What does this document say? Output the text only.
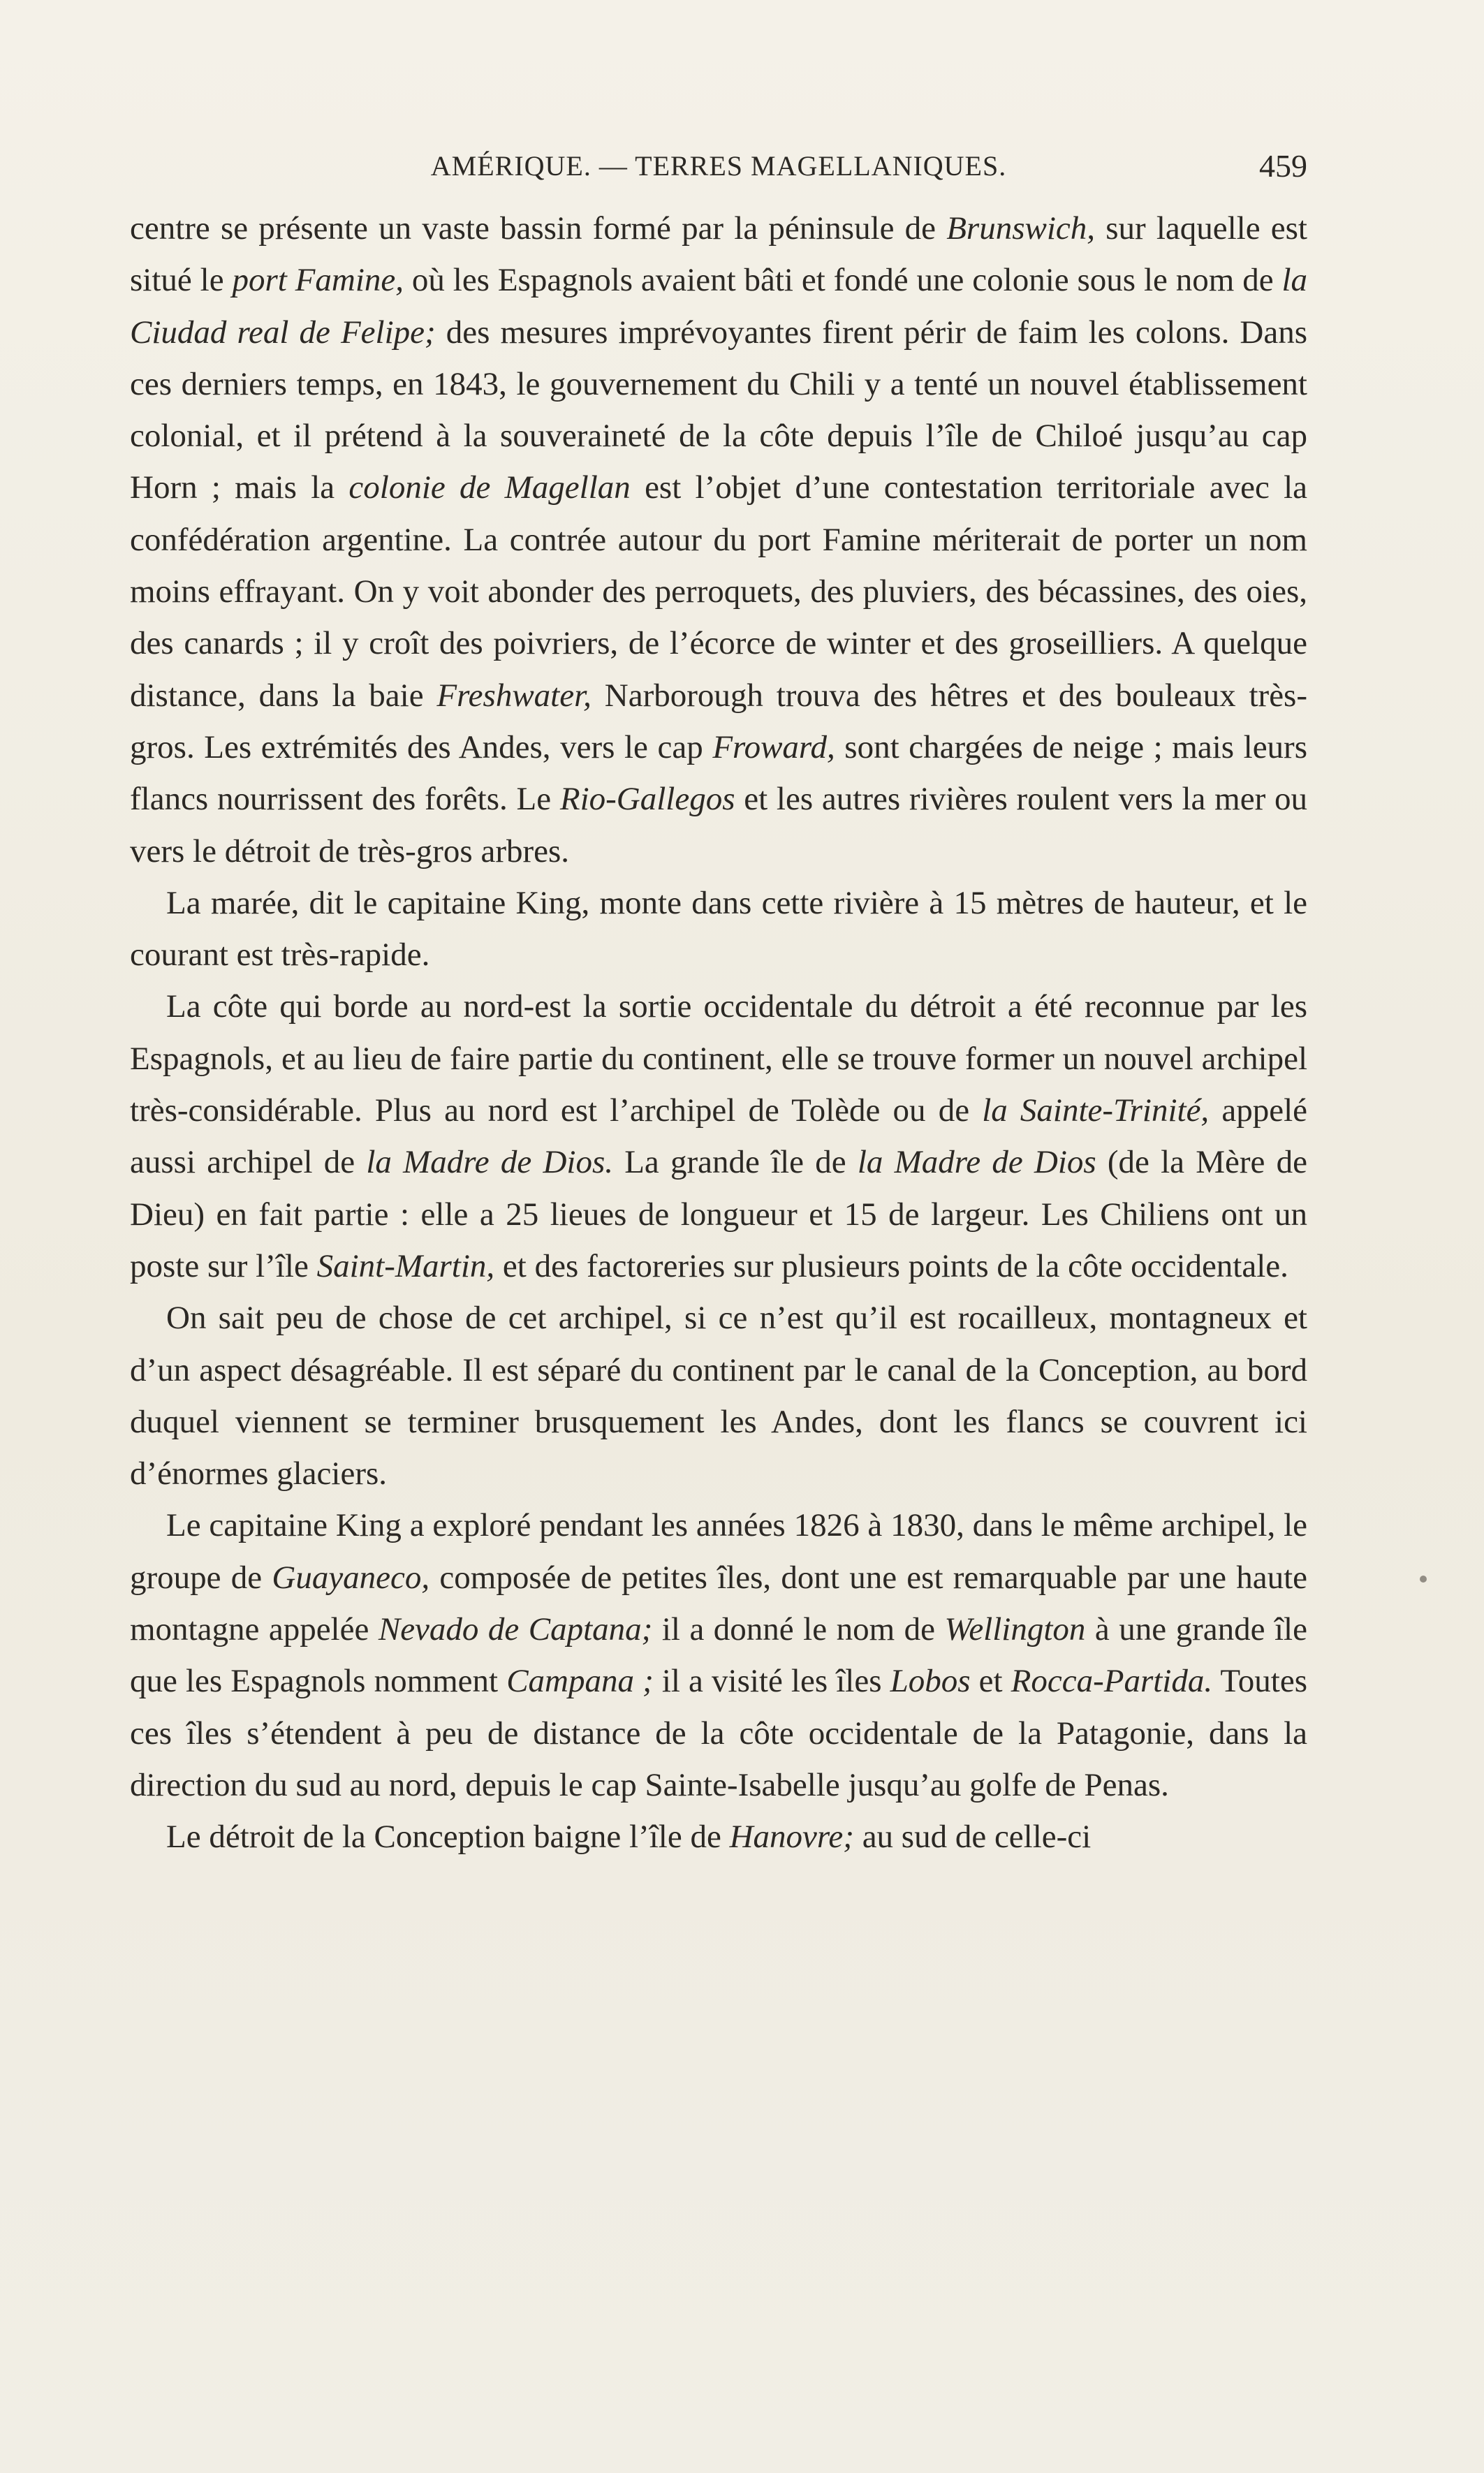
AMÉRIQUE. — TERRES MAGELLANIQUES.	459

centre se présente un vaste bassin formé par la péninsule de Brunswich, sur laquelle est situé le port Famine, où les Espagnols avaient bâti et fondé une colonie sous le nom de la Ciudad real de Felipe; des mesures imprévoyantes firent périr de faim les colons. Dans ces derniers temps, en 1843, le gouvernement du Chili y a tenté un nouvel établissement colonial, et il prétend à la souveraineté de la côte depuis l’île de Chiloé jusqu’au cap Horn ; mais la colonie de Magellan est l’objet d’une contestation territoriale avec la confédération argentine. La contrée autour du port Famine mériterait de porter un nom moins effrayant. On y voit abonder des perroquets, des pluviers, des bécassines, des oies, des canards ; il y croît des poivriers, de l’écorce de winter et des groseilliers. A quelque distance, dans la baie Freshwater, Narborough trouva des hêtres et des bouleaux très-gros. Les extrémités des Andes, vers le cap Froward, sont chargées de neige ; mais leurs flancs nourrissent des forêts. Le Rio-Gallegos et les autres rivières roulent vers la mer ou vers le détroit de très-gros arbres.

La marée, dit le capitaine King, monte dans cette rivière à 15 mètres de hauteur, et le courant est très-rapide.

La côte qui borde au nord-est la sortie occidentale du détroit a été reconnue par les Espagnols, et au lieu de faire partie du continent, elle se trouve former un nouvel archipel très-considérable. Plus au nord est l’archipel de Tolède ou de la Sainte-Trinité, appelé aussi archipel de la Madre de Dios. La grande île de la Madre de Dios (de la Mère de Dieu) en fait partie : elle a 25 lieues de longueur et 15 de largeur. Les Chiliens ont un poste sur l’île Saint-Martin, et des factoreries sur plusieurs points de la côte occidentale.

On sait peu de chose de cet archipel, si ce n’est qu’il est rocailleux, montagneux et d’un aspect désagréable. Il est séparé du continent par le canal de la Conception, au bord duquel viennent se terminer brusquement les Andes, dont les flancs se couvrent ici d’énormes glaciers.

Le capitaine King a exploré pendant les années 1826 à 1830, dans le même archipel, le groupe de Guayaneco, composée de petites îles, dont une est remarquable par une haute montagne appelée Nevado de Captana; il a donné le nom de Wellington à une grande île que les Espagnols nomment Campana ; il a visité les îles Lobos et Rocca-Partida. Toutes ces îles s’étendent à peu de distance de la côte occidentale de la Patagonie, dans la direction du sud au nord, depuis le cap Sainte-Isabelle jusqu’au golfe de Penas.

Le détroit de la Conception baigne l’île de Hanovre; au sud de celle-ci
